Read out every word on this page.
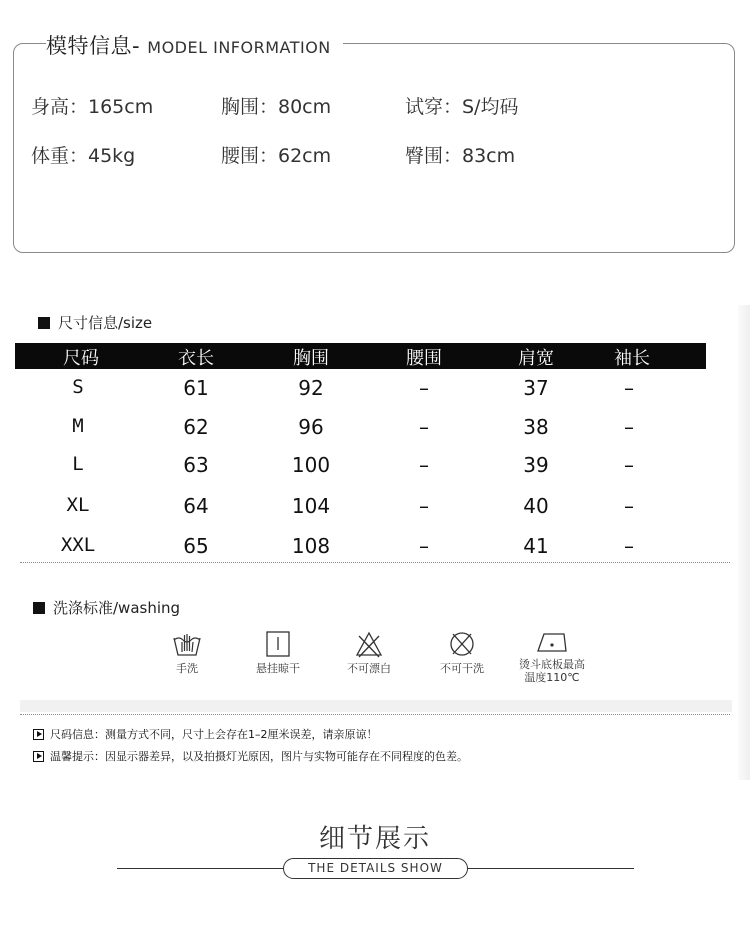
模特信息- MODEL INFORMATION
身高：165cm	胸围：80cm	试穿：S/均码
体重：45kg	腰围：62cm	臀围：83cm
尺寸信息/size
尺码	衣长	胸围	腰围	肩宽	袖长
S	61	92	–	37	–
M	62	96	–	38	–
L	63	100	–	39	–
XL	64	104	–	40	–
XXL	65	108	–	41	–
洗涤标准/washing
手洗	悬挂晾干	不可漂白	不可干洗	烫斗底板最高
温度110℃
尺码信息：测量方式不同，尺寸上会存在1–2厘米误差，请亲原谅！
温馨提示：因显示器差异，以及拍摄灯光原因，图片与实物可能存在不同程度的色差。
细节展示
THE DETAILS SHOW
